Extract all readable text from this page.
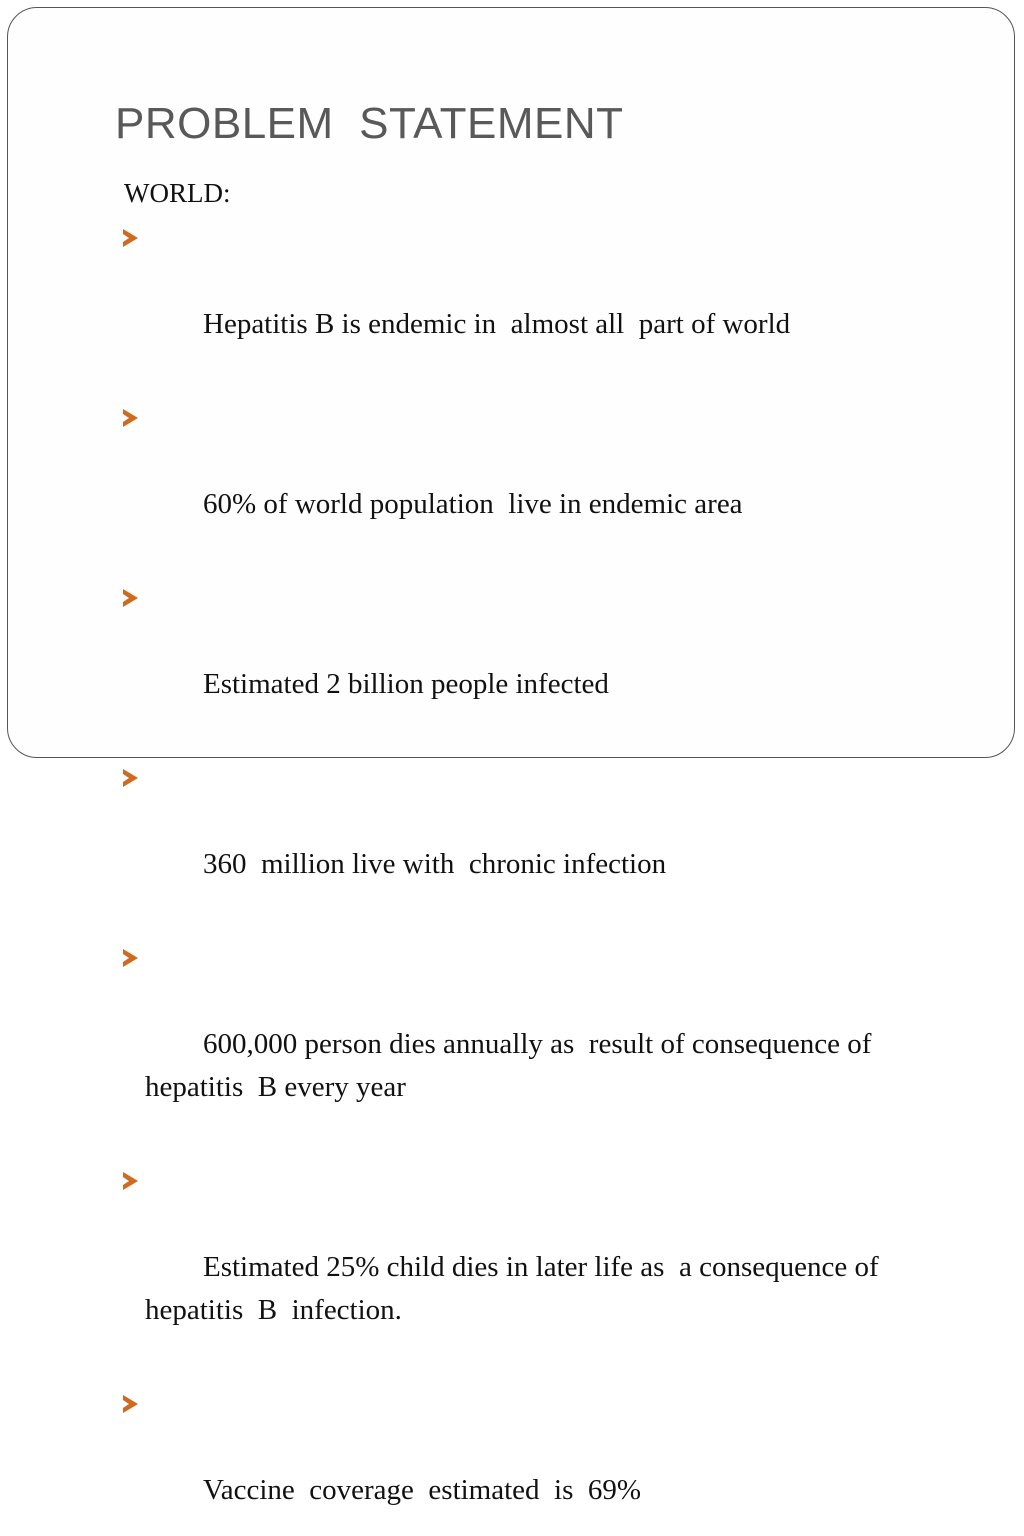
PROBLEM  STATEMENT
WORLD:

Hepatitis B is endemic in  almost all  part of world

60% of world population  live in endemic area

Estimated 2 billion people infected

360  million live with  chronic infection

600,000 person dies annually as  result of consequence of  hepatitis  B every year

Estimated 25% child dies in later life as  a consequence of hepatitis  B  infection.

Vaccine  coverage  estimated  is  69%
